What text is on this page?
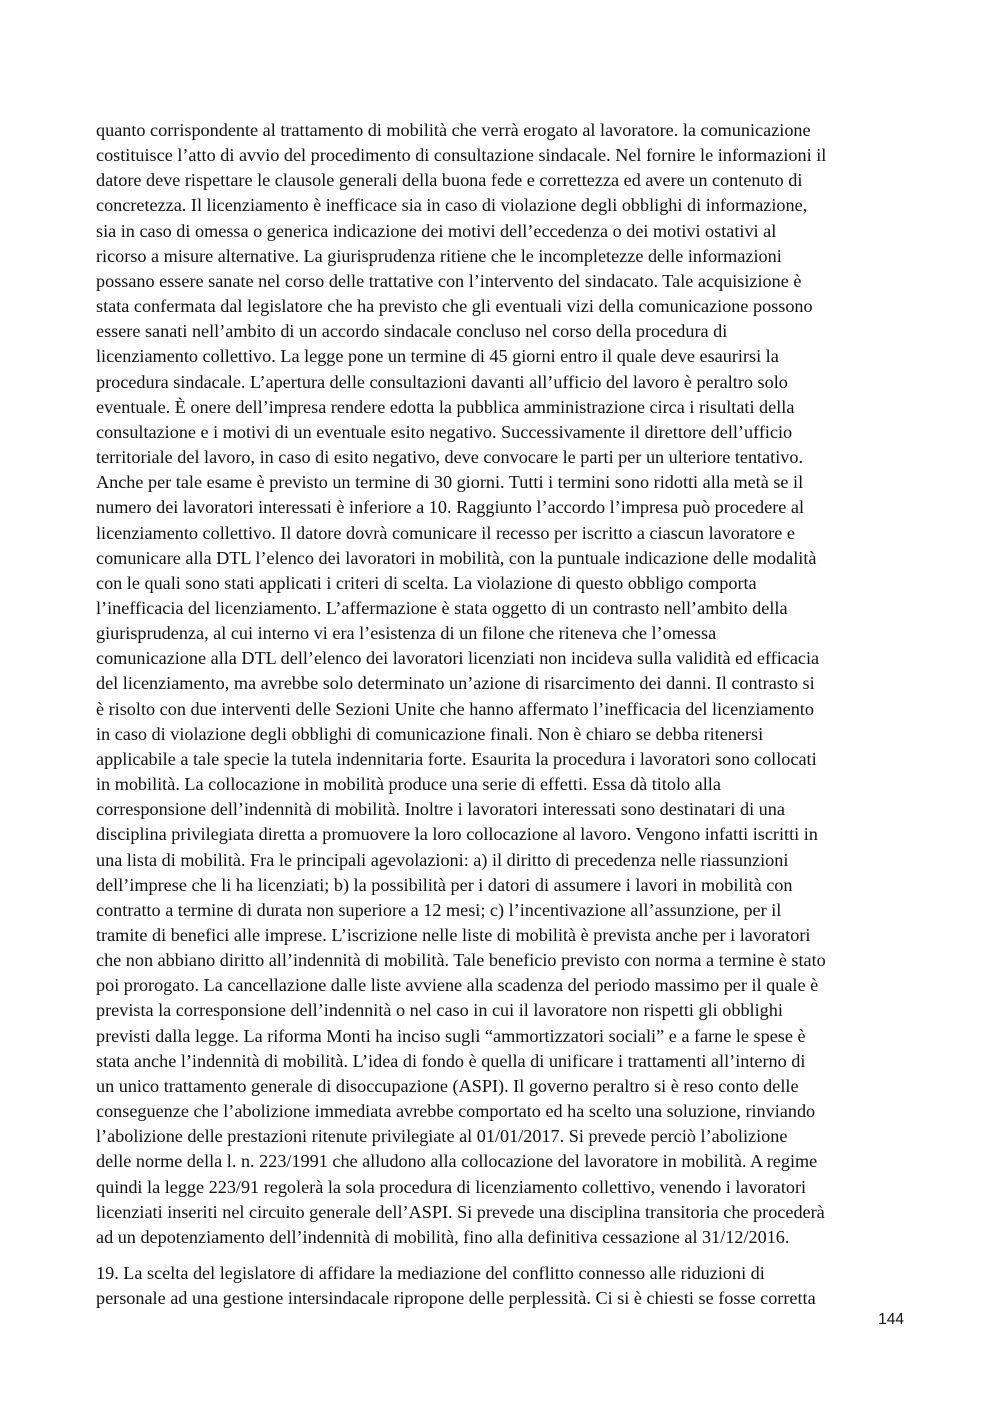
quanto corrispondente al trattamento di mobilità che verrà erogato al lavoratore. la comunicazione
costituisce l’atto di avvio del procedimento di consultazione sindacale. Nel fornire le informazioni il
datore deve rispettare le clausole generali della buona fede e correttezza ed avere un contenuto di
concretezza. Il licenziamento è inefficace sia in caso di violazione degli obblighi di informazione,
sia in caso di omessa o generica indicazione dei motivi dell’eccedenza o dei motivi ostativi al
ricorso a misure alternative. La giurisprudenza ritiene che le incompletezze delle informazioni
possano essere sanate nel corso delle trattative con l’intervento del sindacato. Tale acquisizione è
stata confermata dal legislatore che ha previsto che gli eventuali vizi della comunicazione possono
essere sanati nell’ambito di un accordo sindacale concluso nel corso della procedura di
licenziamento collettivo. La legge pone un termine di 45 giorni entro il quale deve esaurirsi la
procedura sindacale. L’apertura delle consultazioni davanti all’ufficio del lavoro è peraltro solo
eventuale. È onere dell’impresa rendere edotta la pubblica amministrazione circa i risultati della
consultazione e i motivi di un eventuale esito negativo. Successivamente il direttore dell’ufficio
territoriale del lavoro, in caso di esito negativo, deve convocare le parti per un ulteriore tentativo.
Anche per tale esame è previsto un termine di 30 giorni. Tutti i termini sono ridotti alla metà se il
numero dei lavoratori interessati è inferiore a 10. Raggiunto l’accordo l’impresa può procedere al
licenziamento collettivo. Il datore dovrà comunicare il recesso per iscritto a ciascun lavoratore e
comunicare alla DTL l’elenco dei lavoratori in mobilità, con la puntuale indicazione delle modalità
con le quali sono stati applicati i criteri di scelta. La violazione di questo obbligo comporta
l’inefficacia del licenziamento. L’affermazione è stata oggetto di un contrasto nell’ambito della
giurisprudenza, al cui interno vi era l’esistenza di un filone che riteneva che l’omessa
comunicazione alla DTL dell’elenco dei lavoratori licenziati non incideva sulla validità ed efficacia
del licenziamento, ma avrebbe solo determinato un’azione di risarcimento dei danni. Il contrasto si
è risolto con due interventi delle Sezioni Unite che hanno affermato l’inefficacia del licenziamento
in caso di violazione degli obblighi di comunicazione finali. Non è chiaro se debba ritenersi
applicabile a tale specie la tutela indennitaria forte. Esaurita la procedura i lavoratori sono collocati
in mobilità. La collocazione in mobilità produce una serie di effetti. Essa dà titolo alla
corresponsione dell’indennità di mobilità. Inoltre i lavoratori interessati sono destinatari di una
disciplina privilegiata diretta a promuovere la loro collocazione al lavoro. Vengono infatti iscritti in
una lista di mobilità. Fra le principali agevolazioni: a) il diritto di precedenza nelle riassunzioni
dell’imprese che li ha licenziati; b) la possibilità per i datori di assumere i lavori in mobilità con
contratto a termine di durata non superiore a 12 mesi; c) l’incentivazione all’assunzione, per il
tramite di benefici alle imprese. L’iscrizione nelle liste di mobilità è prevista anche per i lavoratori
che non abbiano diritto all’indennità di mobilità. Tale beneficio previsto con norma a termine è stato
poi prorogato. La cancellazione dalle liste avviene alla scadenza del periodo massimo per il quale è
prevista la corresponsione dell’indennità o nel caso in cui il lavoratore non rispetti gli obblighi
previsti dalla legge. La riforma Monti ha inciso sugli “ammortizzatori sociali” e a farne le spese è
stata anche l’indennità di mobilità. L’idea di fondo è quella di unificare i trattamenti all’interno di
un unico trattamento generale di disoccupazione (ASPI). Il governo peraltro si è reso conto delle
conseguenze che l’abolizione immediata avrebbe comportato ed ha scelto una soluzione, rinviando
l’abolizione delle prestazioni ritenute privilegiate al 01/01/2017. Si prevede perciò l’abolizione
delle norme della l. n. 223/1991 che alludono alla collocazione del lavoratore in mobilità. A regime
quindi la legge 223/91 regolerà la sola procedura di licenziamento collettivo, venendo i lavoratori
licenziati inseriti nel circuito generale dell’ASPI. Si prevede una disciplina transitoria che procederà
ad un depotenziamento dell’indennità di mobilità, fino alla definitiva cessazione al 31/12/2016.

19. La scelta del legislatore di affidare la mediazione del conflitto connesso alle riduzioni di
personale ad una gestione intersindacale ripropone delle perplessità. Ci si è chiesti se fosse corretta

144
